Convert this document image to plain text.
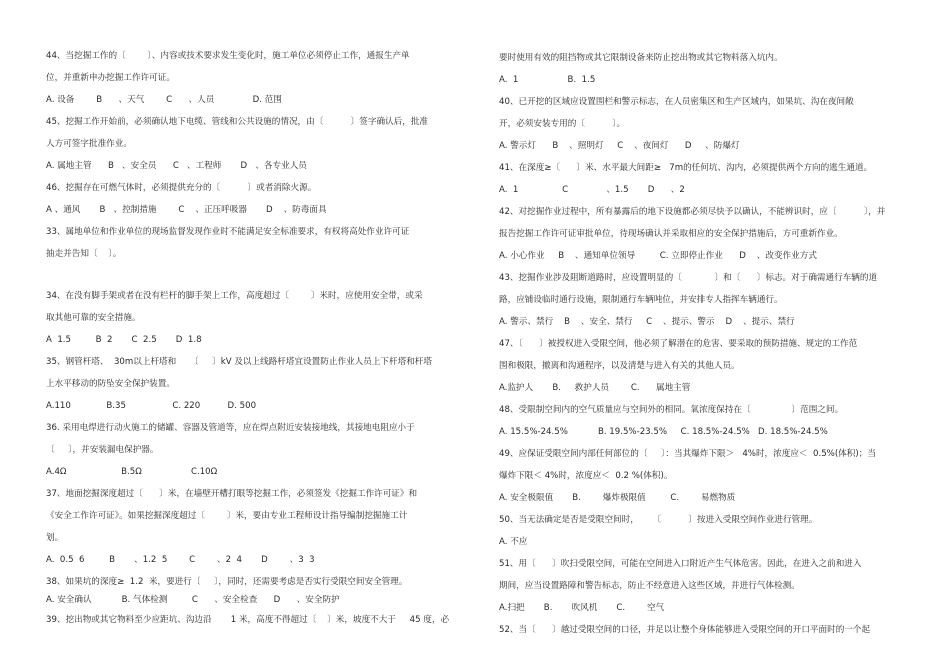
44、当挖掘工作的〔        〕、内容或技术要求发生变化时，施工单位必须停止工作，通报生产单
位，并重新申办挖掘工作许可证。
A. 设备        B      、天气        C      、人员              D. 范围
45、挖掘工作开始前，必须确认地下电缆、管线和公共设施的情况，由〔          〕签字确认后，批准
人方可签字批准作业。
A. 属地主管      B   、安全员      C   、工程师       D   、各专业人员
46、挖掘存在可燃气体时，必须提供充分的〔          〕或者消除火源。
A 、通风       B   、控制措施        C    、正压呼吸器       D    、防毒面具
33、属地单位和作业单位的现场监督发现作业时不能满足安全标准要求，有权将高处作业许可证
抽走并告知〔    〕。
34、在没有脚手架或者在没有栏杆的脚手架上工作，高度超过〔        〕米时，应使用安全带，或采
取其他可靠的安全措施。
A  1.5         B  2       C  2.5       D  1.8
35、钢管杆塔、  30m以上杆塔和     〔     〕kV 及以上线路杆塔宜设置防止作业人员上下杆塔和杆塔
上水平移动的防坠安全保护装置。
A.110             B.35                 C. 220          D. 500
36. 采用电焊进行动火施工的储罐、容器及管道等，应在焊点附近安装接地线，其接地电阻应小于
〔     〕，并安装漏电保护器。
A.4Ω                    B.5Ω                  C.10Ω
37、地面挖掘深度超过〔      〕米，在墙壁开槽打眼等挖掘工作，必须签发《挖掘工作许可证》和
《安全工作许可证》。如果挖掘深度超过〔        〕米，要由专业工程师设计指导编制挖掘施工计
划。
A.  0.5  6         B       、1.2  5        C        、2  4       D        、3  3
38、如果坑的深度≥  1.2  米，要进行〔     〕，同时，还需要考虑是否实行受限空间安全管理。
A. 安全确认           B. 气体检测         C      、安全检查      D      、安全防护
39、挖出物或其它物料至少应距坑、沟边沿       1 米，高度不得超过〔    〕米，坡度不大于     45 度，必
要时使用有效的阻挡物或其它限制设备来防止挖出物或其它物料落入坑内。
A.  1                  B.  1.5
40、已开挖的区域应设置围栏和警示标志，在人员密集区和生产区域内，如果坑、沟在夜间敞
开，必须安装专用的〔          〕。
A. 警示灯      B    、照明灯     C    、夜间灯      D     、防爆灯
41、在深度≥〔      〕米、水平最大间距≥   7m的任何坑、沟内，必须提供两个方向的逃生通道。
A.  1                C              、1.5       D      、2
42、对挖掘作业过程中，所有暴露后的地下设施都必须尽快予以确认，不能辨识时，应〔          〕，并
报告挖掘工作许可证审批单位，待现场确认并采取相应的安全保护措施后，方可重新作业。
A. 小心作业     B    、通知单位领导         C. 立即停止作业      D    、改变作业方式
43、挖掘作业涉及阻断道路时，应设置明显的〔            〕和〔      〕标志。对于确需通行车辆的道
路，应铺设临时通行设施，限制通行车辆吨位，并安排专人指挥车辆通行。
A. 警示、禁行    B    、安全、禁行     C    、提示、警示    D    、提示、禁行
47、〔      〕被授权进入受限空间，他必须了解潜在的危害、要采取的预防措施、规定的工作范
围和极限，撤离和沟通程序，以及清楚与进入有关的其他人员。
A.监护人       B.     救护人员        C.      属地主管
48、受限制空间内的空气质量应与空间外的相同。氧浓度保持在〔               〕范围之间。
A. 15.5%-24.5%           B. 19.5%-23.5%     C. 18.5%-24.5%   D. 18.5%-24.5%
49、应保证受限空间内部任何部位的〔     〕：当其爆炸下限＞   4%时，浓度应＜  0.5%(体积)；当
爆炸下限＜ 4%时，浓度应＜  0.2 %(体积)。
A. 安全极限值       B.        爆炸极限值         C.        易燃物质
50、当无法确定是否是受限空间时，     〔          〕按进入受限空间作业进行管理。
A. 不应
51、用〔      〕吹扫受限空间，可能在空间进入口附近产生气体危害。因此，在进入之前和进入
期间，应当设置路障和警告标志，防止不经意进入这些区域，并进行气体检测。
A.扫把       B.       吹风机       C.        空气
52、当〔      〕越过受限空间的口径，并足以让整个身体能够进入受限空间的开口平面时的一个起
